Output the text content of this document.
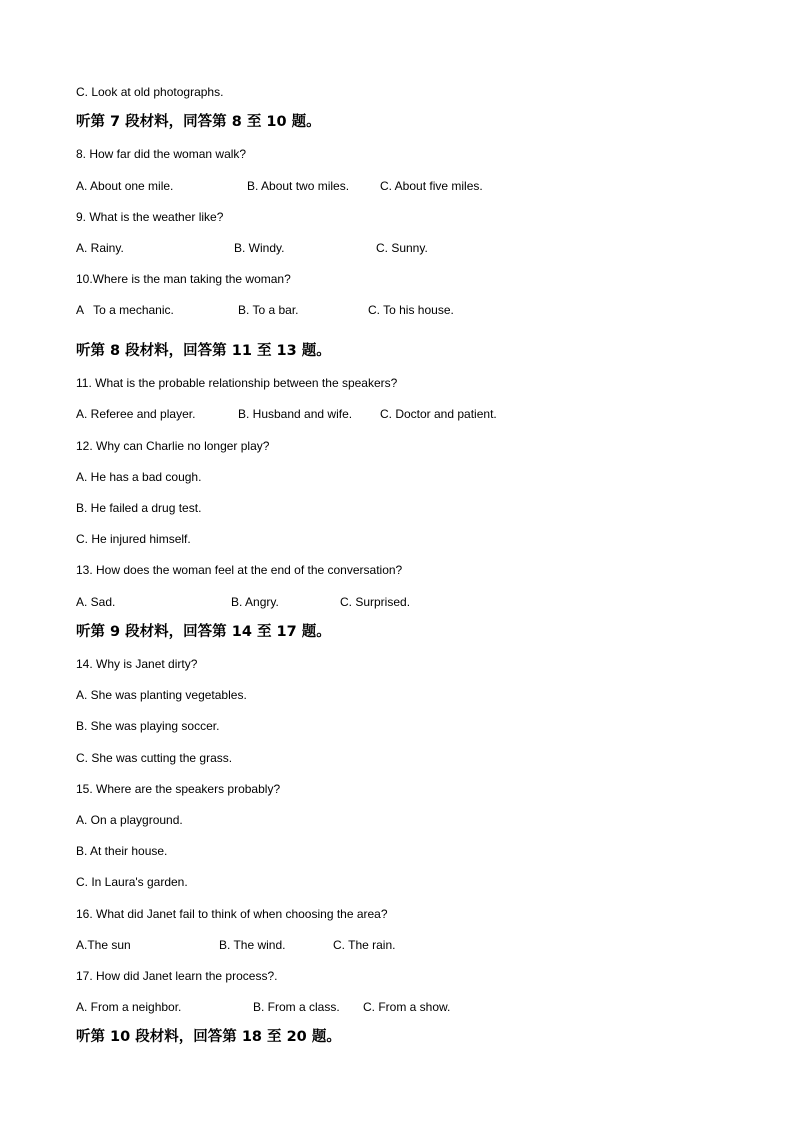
C. Look at old photographs.
听第 7 段材料，同答第 8 至 10 题。
8. How far did the woman walk?
A. About one mile.	B. About two miles.	C. About five miles.
9. What is the weather like?
A. Rainy.	B. Windy.	C. Sunny.
10.Where is the man taking the woman?
A   To a mechanic.	B. To a bar.	C. To his house.
听第 8 段材料，回答第 11 至 13 题。
11. What is the probable relationship between the speakers?
A. Referee and player.	B. Husband and wife. C. Doctor and patient.
12. Why can Charlie no longer play?
A. He has a bad cough.
B. He failed a drug test.
C. He injured himself.
13. How does the woman feel at the end of the conversation?
A. Sad.	B. Angry.	C. Surprised.
听第 9 段材料，回答第 14 至 17 题。
14. Why is Janet dirty?
A. She was planting vegetables.
B. She was playing soccer.
C. She was cutting the grass.
15. Where are the speakers probably?
A. On a playground.
B. At their house.
C. In Laura's garden.
16. What did Janet fail to think of when choosing the area?
A.The sun	B. The wind.	C. The rain.
17. How did Janet learn the process?.
A. From a neighbor.	B. From a class. C. From a show.
听第 10 段材料，回答第 18 至 20 题。
